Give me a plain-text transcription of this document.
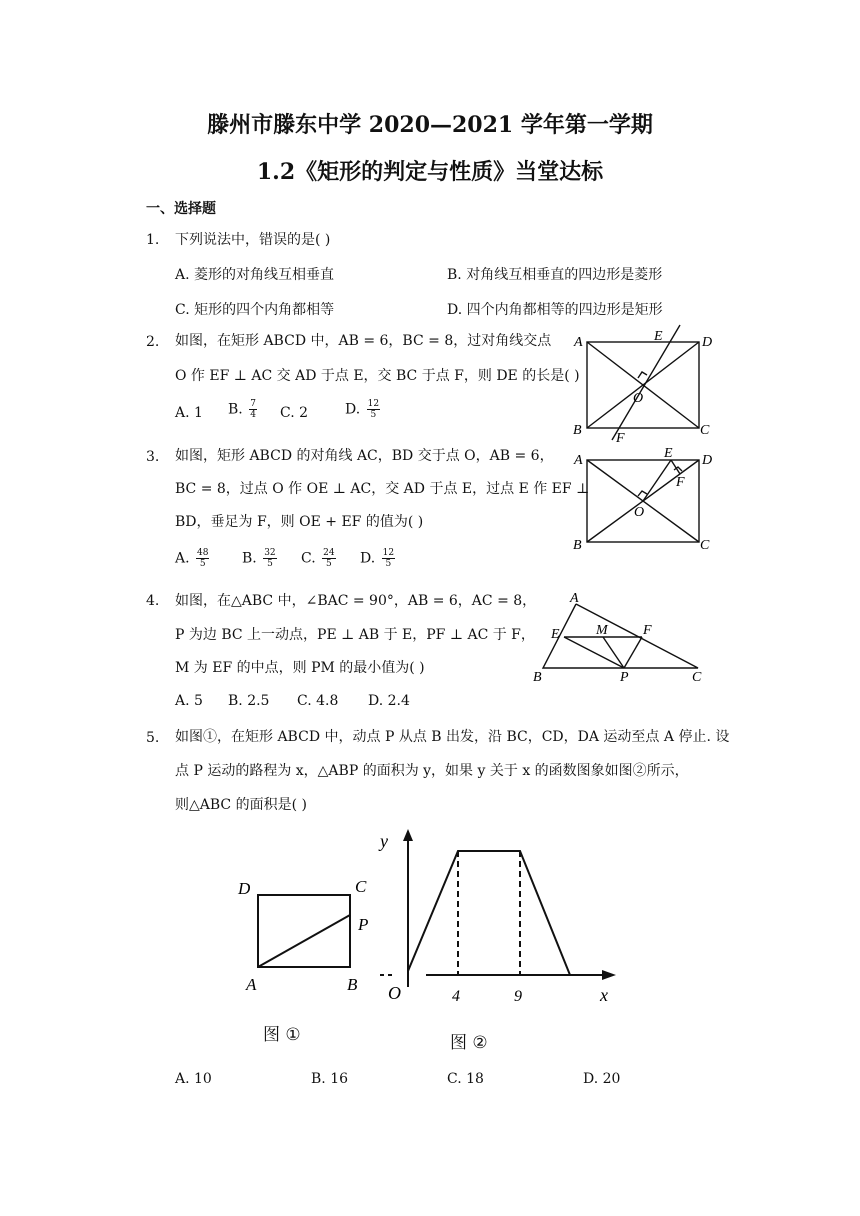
滕州市滕东中学 2020—2021 学年第一学期
1.2《矩形的判定与性质》当堂达标
一、选择题
1. 下列说法中，错误的是( )
A. 菱形的对角线互相垂直	B. 对角线互相垂直的四边形是菱形
C. 矩形的四个内角都相等	D. 四个内角都相等的四边形是矩形
2. 如图，在矩形 ABCD 中，AB = 6，BC = 8，过对角线交点
O 作 EF ⊥ AC 交 AD 于点 E，交 BC 于点 F，则 DE 的长是( )
A. 1 B. $\frac{7}{4} C$. 2	D. $\frac{12}{5}$
A	D
B	C
E
F
O
3. 如图，矩形 ABCD 的对角线 AC，BD 交于点 O，AB = 6，
BC = 8，过点 O 作 OE ⊥ AC，交 AD 于点 E，过点 E 作 EF ⊥
BD，垂足为 F，则 OE + EF 的值为( )
A. $\frac{48}{5} B$. $\frac{32}{5} C$. $\frac{24}{5} D$. $\frac{12}{5}$
A	D
B	C
E
F
O
4. 如图，在△ABC 中，∠BAC = 90°，AB = 6，AC = 8，
P 为边 BC 上一动点，PE ⊥ AB 于 E，PF ⊥ AC 于 F，
M 为 EF 的中点，则 PM 的最小值为( )
A. 5 B. 2.5 C. 4.8 D. 2.4
A
E	M	F
B	P	C
5. 如图①，在矩形 ABCD 中，动点 P 从点 B 出发，沿 BC，CD，DA 运动至点 A 停止. 设
点 P 运动的路程为 x，△ABP 的面积为 y，如果 y 关于 x 的函数图象如图②所示，
则△ABC 的面积是( )
D	C
P
A	B
图 ①
y
x
O	4	9
图 ②
A. 10	B. 16	C. 18	D. 20
